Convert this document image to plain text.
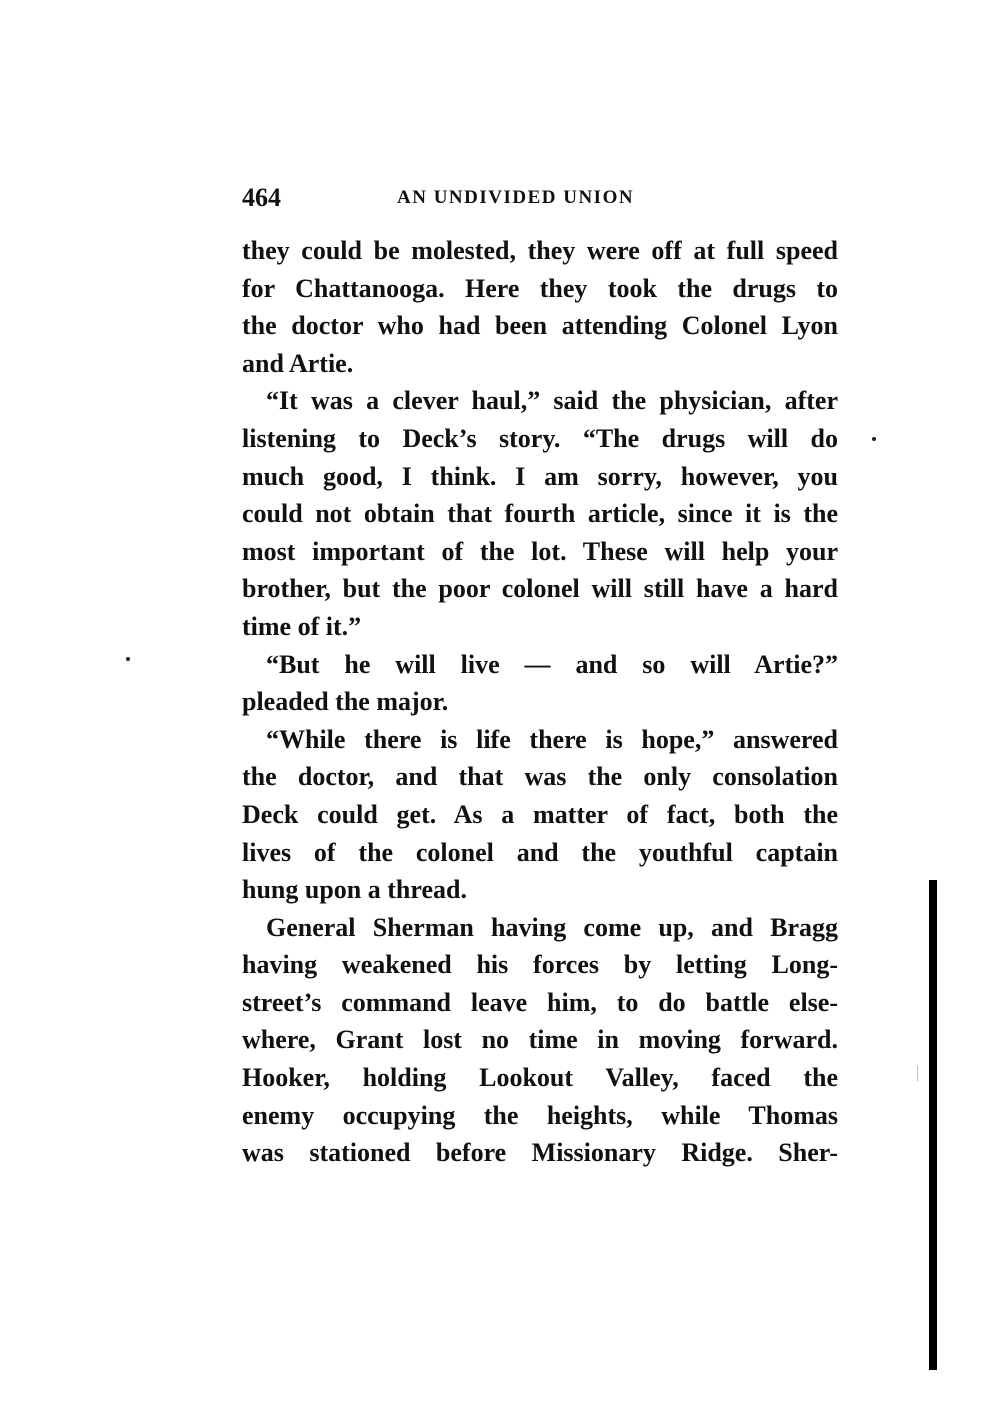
464	AN UNDIVIDED UNION

they could be molested, they were off at full speed
for Chattanooga. Here they took the drugs to
the doctor who had been attending Colonel Lyon
and Artie.

“It was a clever haul,” said the physician, after
listening to Deck’s story. “The drugs will do
much good, I think. I am sorry, however, you
could not obtain that fourth article, since it is the
most important of the lot. These will help your
brother, but the poor colonel will still have a hard
time of it.”

“But he will live — and so will Artie?”
pleaded the major.

“While there is life there is hope,” answered
the doctor, and that was the only consolation
Deck could get. As a matter of fact, both the
lives of the colonel and the youthful captain
hung upon a thread.

General Sherman having come up, and Bragg
having weakened his forces by letting Long-
street’s command leave him, to do battle else-
where, Grant lost no time in moving forward.
Hooker, holding Lookout Valley, faced the
enemy occupying the heights, while Thomas
was stationed before Missionary Ridge. Sher-
